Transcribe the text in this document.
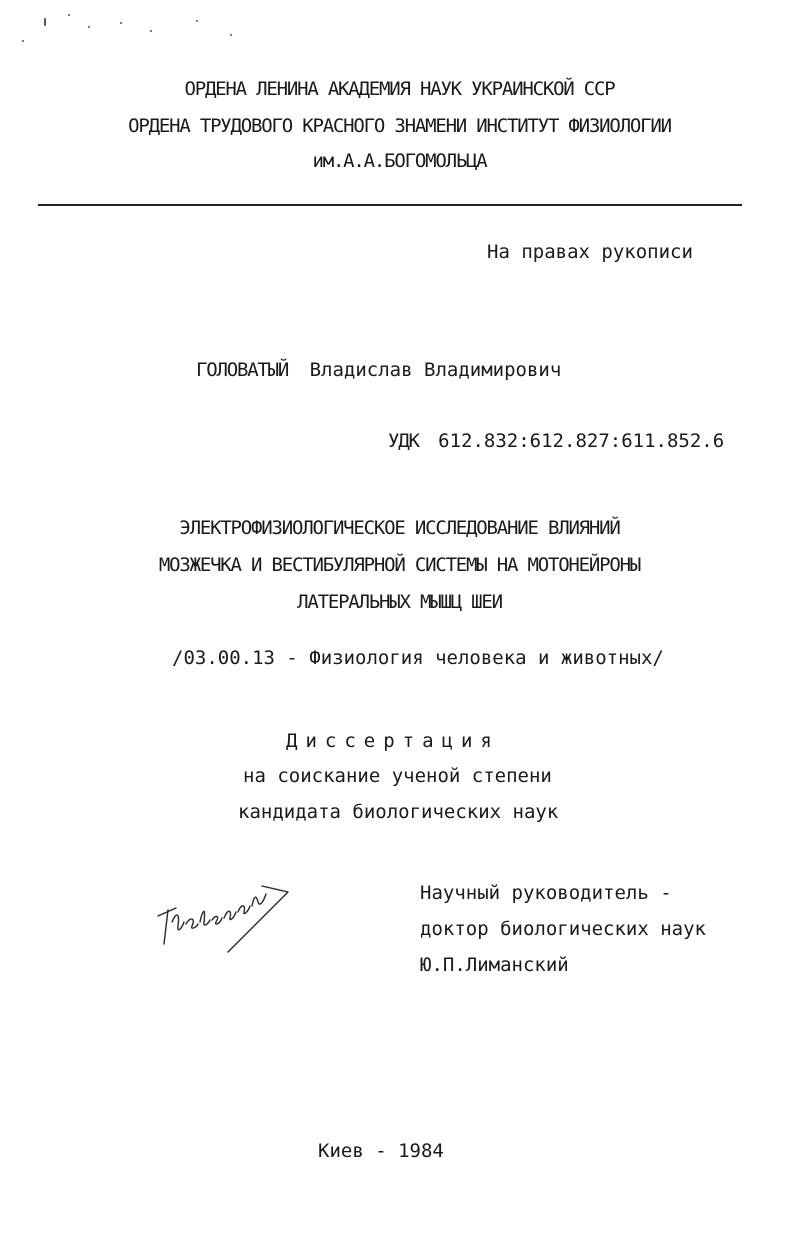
ОРДЕНА ЛЕНИНА АКАДЕМИЯ НАУК УКРАИНСКОЙ ССР
ОРДЕНА ТРУДОВОГО КРАСНОГО ЗНАМЕНИ ИНСТИТУТ ФИЗИОЛОГИИ
им.А.А.БОГОМОЛЬЦА
На правах рукописи
ГОЛОВАТЫЙ Владислав Владимирович
УДК 612.832:612.827:611.852.6
ЭЛЕКТРОФИЗИОЛОГИЧЕСКОЕ ИССЛЕДОВАНИЕ ВЛИЯНИЙ
МОЗЖЕЧКА И ВЕСТИБУЛЯРНОЙ СИСТЕМЫ НА МОТОНЕЙРОНЫ
ЛАТЕРАЛЬНЫХ МЫШЦ ШЕИ
/03.00.13 - Физиология человека и животных/
Диссертация
на соискание ученой степени
кандидата биологических наук
Научный руководитель -
доктор биологических наук
Ю.П.Лиманский
Киев - 1984
